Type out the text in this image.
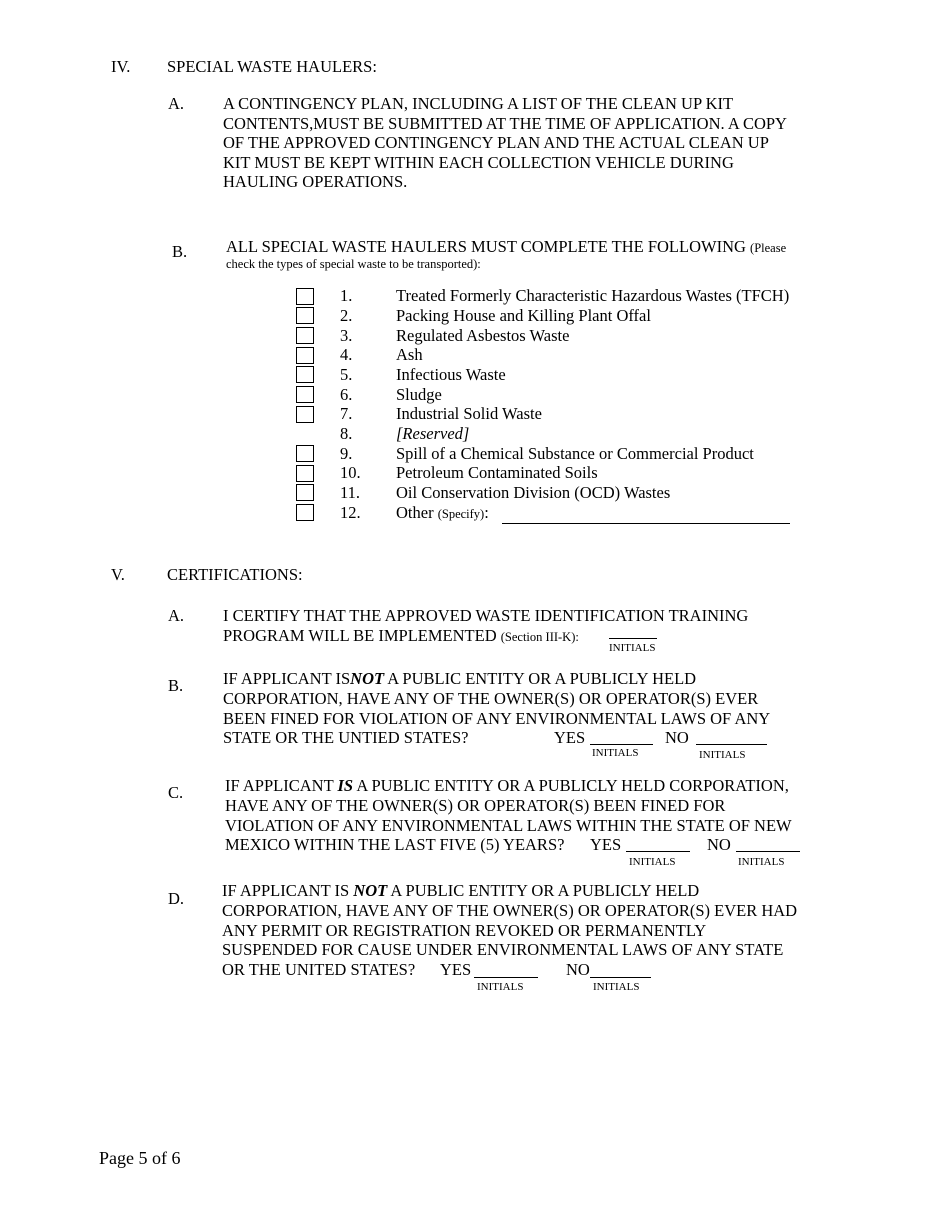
IV. SPECIAL WASTE HAULERS:
A. A CONTINGENCY PLAN, INCLUDING A LIST OF THE CLEAN UP KIT
CONTENTS,MUST BE SUBMITTED AT THE TIME OF APPLICATION. A COPY
OF THE APPROVED CONTINGENCY PLAN AND THE ACTUAL CLEAN UP
KIT MUST BE KEPT WITHIN EACH COLLECTION VEHICLE DURING
HAULING OPERATIONS.
B. ALL SPECIAL WASTE HAULERS MUST COMPLETE THE FOLLOWING (Please
check the types of special waste to be transported):
1.	Treated Formerly Characteristic Hazardous Wastes (TFCH)
2.	Packing House and Killing Plant Offal
3.	Regulated Asbestos Waste
4.	Ash
5.	Infectious Waste
6.	Sludge
7.	Industrial Solid Waste
8.	[Reserved]
9.	Spill of a Chemical Substance or Commercial Product
10. Petroleum Contaminated Soils
11. Oil Conservation Division (OCD) Wastes
12. Other (Specify):
V.	CERTIFICATIONS:
A. I CERTIFY THAT THE APPROVED WASTE IDENTIFICATION TRAINING
PROGRAM WILL BE IMPLEMENTED (Section III-K):
INITIALS
B. IF APPLICANT ISNOT A PUBLIC ENTITY OR A PUBLICLY HELD
CORPORATION, HAVE ANY OF THE OWNER(S) OR OPERATOR(S) EVER
BEEN FINED FOR VIOLATION OF ANY ENVIRONMENTAL LAWS OF ANY
STATE OR THE UNTIED STATES?	YES
INITIALS
NO
INITIALS
C.	IF APPLICANT IS A PUBLIC ENTITY OR A PUBLICLY HELD CORPORATION,
HAVE ANY OF THE OWNER(S) OR OPERATOR(S) BEEN FINED FOR
VIOLATION OF ANY ENVIRONMENTAL LAWS WITHIN THE STATE OF NEW
MEXICO WITHIN THE LAST FIVE (5) YEARS? YES
INITIALS
NO
INITIALS
D. IF APPLICANT IS NOT A PUBLIC ENTITY OR A PUBLICLY HELD
CORPORATION, HAVE ANY OF THE OWNER(S) OR OPERATOR(S) EVER HAD
ANY PERMIT OR REGISTRATION REVOKED OR PERMANENTLY
SUSPENDED FOR CAUSE UNDER ENVIRONMENTAL LAWS OF ANY STATE
OR THE UNITED STATES? YES
INITIALS
NO
INITIALS
Page 5 of 6
